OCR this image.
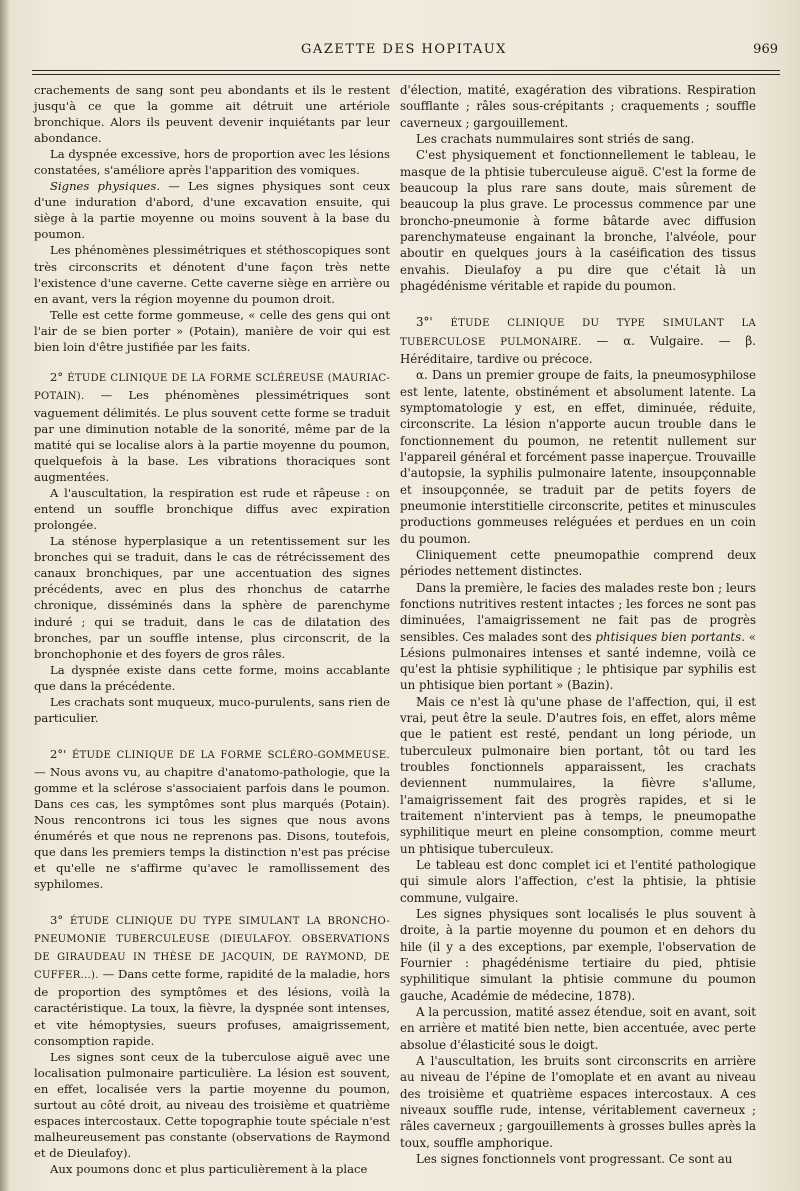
GAZETTE DES HOPITAUX	969

crachements de sang sont peu abondants et ils le restent jusqu'à ce que la gomme ait détruit une artériole bronchique. Alors ils peuvent devenir inquiétants par leur abondance.

La dyspnée excessive, hors de proportion avec les lésions constatées, s'améliore après l'apparition des vomiques.

Signes physiques. — Les signes physiques sont ceux d'une induration d'abord, d'une excavation ensuite, qui siège à la partie moyenne ou moins souvent à la base du poumon.

Les phénomènes plessimétriques et stéthoscopiques sont très circonscrits et dénotent d'une façon très nette l'existence d'une caverne. Cette caverne siège en arrière ou en avant, vers la région moyenne du poumon droit.

Telle est cette forme gommeuse, « celle des gens qui ont l'air de se bien porter » (Potain), manière de voir qui est bien loin d'être justifiée par les faits.

2° ÉTUDE CLINIQUE DE LA FORME SCLÉREUSE (MAURIAC-POTAIN). — Les phénomènes plessimétriques sont vaguement délimités. Le plus souvent cette forme se traduit par une diminution notable de la sonorité, même par de la matité qui se localise alors à la partie moyenne du poumon, quelquefois à la base. Les vibrations thoraciques sont augmentées.

A l'auscultation, la respiration est rude et râpeuse : on entend un souffle bronchique diffus avec expiration prolongée.

La sténose hyperplasique a un retentissement sur les bronches qui se traduit, dans le cas de rétrécissement des canaux bronchiques, par une accentuation des signes précédents, avec en plus des rhonchus de catarrhe chronique, disséminés dans la sphère de parenchyme induré ; qui se traduit, dans le cas de dilatation des bronches, par un souffle intense, plus circonscrit, de la bronchophonie et des foyers de gros râles.

La dyspnée existe dans cette forme, moins accablante que dans la précédente.

Les crachats sont muqueux, muco-purulents, sans rien de particulier.

2°' ÉTUDE CLINIQUE DE LA FORME SCLÉRO-GOMMEUSE. — Nous avons vu, au chapitre d'anatomo-pathologie, que la gomme et la sclérose s'associaient parfois dans le poumon. Dans ces cas, les symptômes sont plus marqués (Potain). Nous rencontrons ici tous les signes que nous avons énumérés et que nous ne reprenons pas. Disons, toutefois, que dans les premiers temps la distinction n'est pas précise et qu'elle ne s'affirme qu'avec le ramollissement des syphilomes.

3° ÉTUDE CLINIQUE DU TYPE SIMULANT LA BRONCHO-PNEUMONIE TUBERCULEUSE (DIEULAFOY. OBSERVATIONS DE GIRAUDEAU IN THÈSE DE JACQUIN, DE RAYMOND, DE CUFFER...). — Dans cette forme, rapidité de la maladie, hors de proportion des symptômes et des lésions, voilà la caractéristique. La toux, la fièvre, la dyspnée sont intenses, et vite hémoptysies, sueurs profuses, amaigrissement, consomption rapide.

Les signes sont ceux de la tuberculose aiguë avec une localisation pulmonaire particulière. La lésion est souvent, en effet, localisée vers la partie moyenne du poumon, surtout au côté droit, au niveau des troisième et quatrième espaces intercostaux. Cette topographie toute spéciale n'est malheureusement pas constante (observations de Raymond et de Dieulafoy).

Aux poumons donc et plus particulièrement à la place

d'élection, matité, exagération des vibrations. Respiration soufflante ; râles sous-crépitants ; craquements ; souffle caverneux ; gargouillement.

Les crachats nummulaires sont striés de sang.

C'est physiquement et fonctionnellement le tableau, le masque de la phtisie tuberculeuse aiguë. C'est la forme de beaucoup la plus rare sans doute, mais sûrement de beaucoup la plus grave. Le processus commence par une broncho-pneumonie à forme bâtarde avec diffusion parenchymateuse engainant la bronche, l'alvéole, pour aboutir en quelques jours à la caséification des tissus envahis. Dieulafoy a pu dire que c'était là un phagédénisme véritable et rapide du poumon.

3°' ÉTUDE CLINIQUE DU TYPE SIMULANT LA TUBERCULOSE PULMONAIRE. — α. Vulgaire. — β. Héréditaire, tardive ou précoce.

α. Dans un premier groupe de faits, la pneumosyphilose est lente, latente, obstinément et absolument latente. La symptomatologie y est, en effet, diminuée, réduite, circonscrite. La lésion n'apporte aucun trouble dans le fonctionnement du poumon, ne retentit nullement sur l'appareil général et forcément passe inaperçue. Trouvaille d'autopsie, la syphilis pulmonaire latente, insoupçonnable et insoupçonnée, se traduit par de petits foyers de pneumonie interstitielle circonscrite, petites et minuscules productions gommeuses reléguées et perdues en un coin du poumon.

Cliniquement cette pneumopathie comprend deux périodes nettement distinctes.

Dans la première, le facies des malades reste bon ; leurs fonctions nutritives restent intactes ; les forces ne sont pas diminuées, l'amaigrissement ne fait pas de progrès sensibles. Ces malades sont des phtisiques bien portants. « Lésions pulmonaires intenses et santé indemne, voilà ce qu'est la phtisie syphilitique ; le phtisique par syphilis est un phtisique bien portant » (Bazin).

Mais ce n'est là qu'une phase de l'affection, qui, il est vrai, peut être la seule. D'autres fois, en effet, alors même que le patient est resté, pendant un long période, un tuberculeux pulmonaire bien portant, tôt ou tard les troubles fonctionnels apparaissent, les crachats deviennent nummulaires, la fièvre s'allume, l'amaigrissement fait des progrès rapides, et si le traitement n'intervient pas à temps, le pneumopathe syphilitique meurt en pleine consomption, comme meurt un phtisique tuberculeux.

Le tableau est donc complet ici et l'entité pathologique qui simule alors l'affection, c'est la phtisie, la phtisie commune, vulgaire.

Les signes physiques sont localisés le plus souvent à droite, à la partie moyenne du poumon et en dehors du hile (il y a des exceptions, par exemple, l'observation de Fournier : phagédénisme tertiaire du pied, phtisie syphilitique simulant la phtisie commune du poumon gauche, Académie de médecine, 1878).

A la percussion, matité assez étendue, soit en avant, soit en arrière et matité bien nette, bien accentuée, avec perte absolue d'élasticité sous le doigt.

A l'auscultation, les bruits sont circonscrits en arrière au niveau de l'épine de l'omoplate et en avant au niveau des troisième et quatrième espaces intercostaux. A ces niveaux souffle rude, intense, véritablement caverneux ; râles caverneux ; gargouillements à grosses bulles après la toux, souffle amphorique.

Les signes fonctionnels vont progressant. Ce sont au
